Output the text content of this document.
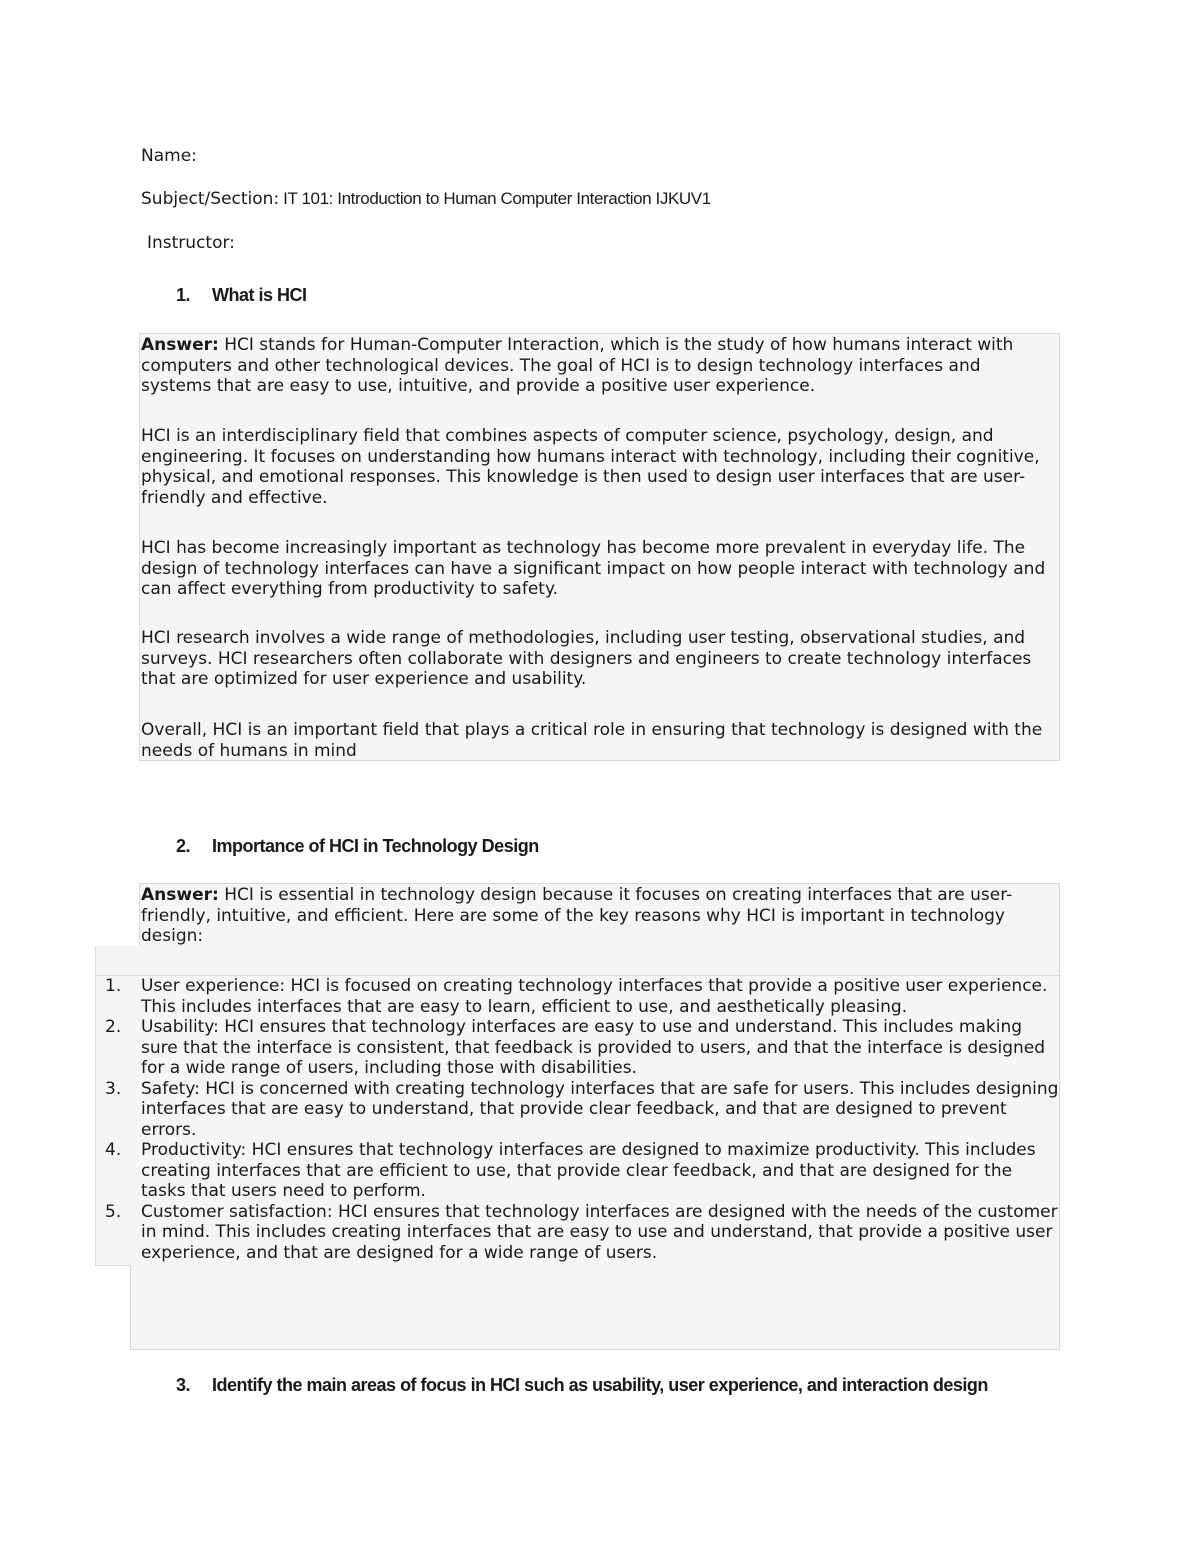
Name:
Subject/Section: IT 101: Introduction to Human Computer Interaction IJKUV1
Instructor:
1. What is HCI

Answer: HCI stands for Human-Computer Interaction, which is the study of how humans interact with computers and other technological devices. The goal of HCI is to design technology interfaces and systems that are easy to use, intuitive, and provide a positive user experience.

HCI is an interdisciplinary field that combines aspects of computer science, psychology, design, and engineering. It focuses on understanding how humans interact with technology, including their cognitive, physical, and emotional responses. This knowledge is then used to design user interfaces that are user-friendly and effective.

HCI has become increasingly important as technology has become more prevalent in everyday life. The design of technology interfaces can have a significant impact on how people interact with technology and can affect everything from productivity to safety.

HCI research involves a wide range of methodologies, including user testing, observational studies, and surveys. HCI researchers often collaborate with designers and engineers to create technology interfaces that are optimized for user experience and usability.

Overall, HCI is an important field that plays a critical role in ensuring that technology is designed with the needs of humans in mind

2. Importance of HCI in Technology Design

Answer: HCI is essential in technology design because it focuses on creating interfaces that are user-friendly, intuitive, and efficient. Here are some of the key reasons why HCI is important in technology design:

1. User experience: HCI is focused on creating technology interfaces that provide a positive user experience. This includes interfaces that are easy to learn, efficient to use, and aesthetically pleasing.
2. Usability: HCI ensures that technology interfaces are easy to use and understand. This includes making sure that the interface is consistent, that feedback is provided to users, and that the interface is designed for a wide range of users, including those with disabilities.
3. Safety: HCI is concerned with creating technology interfaces that are safe for users. This includes designing interfaces that are easy to understand, that provide clear feedback, and that are designed to prevent errors.
4. Productivity: HCI ensures that technology interfaces are designed to maximize productivity. This includes creating interfaces that are efficient to use, that provide clear feedback, and that are designed for the tasks that users need to perform.
5. Customer satisfaction: HCI ensures that technology interfaces are designed with the needs of the customer in mind. This includes creating interfaces that are easy to use and understand, that provide a positive user experience, and that are designed for a wide range of users.
3. Identify the main areas of focus in HCI such as usability, user experience, and interaction design
